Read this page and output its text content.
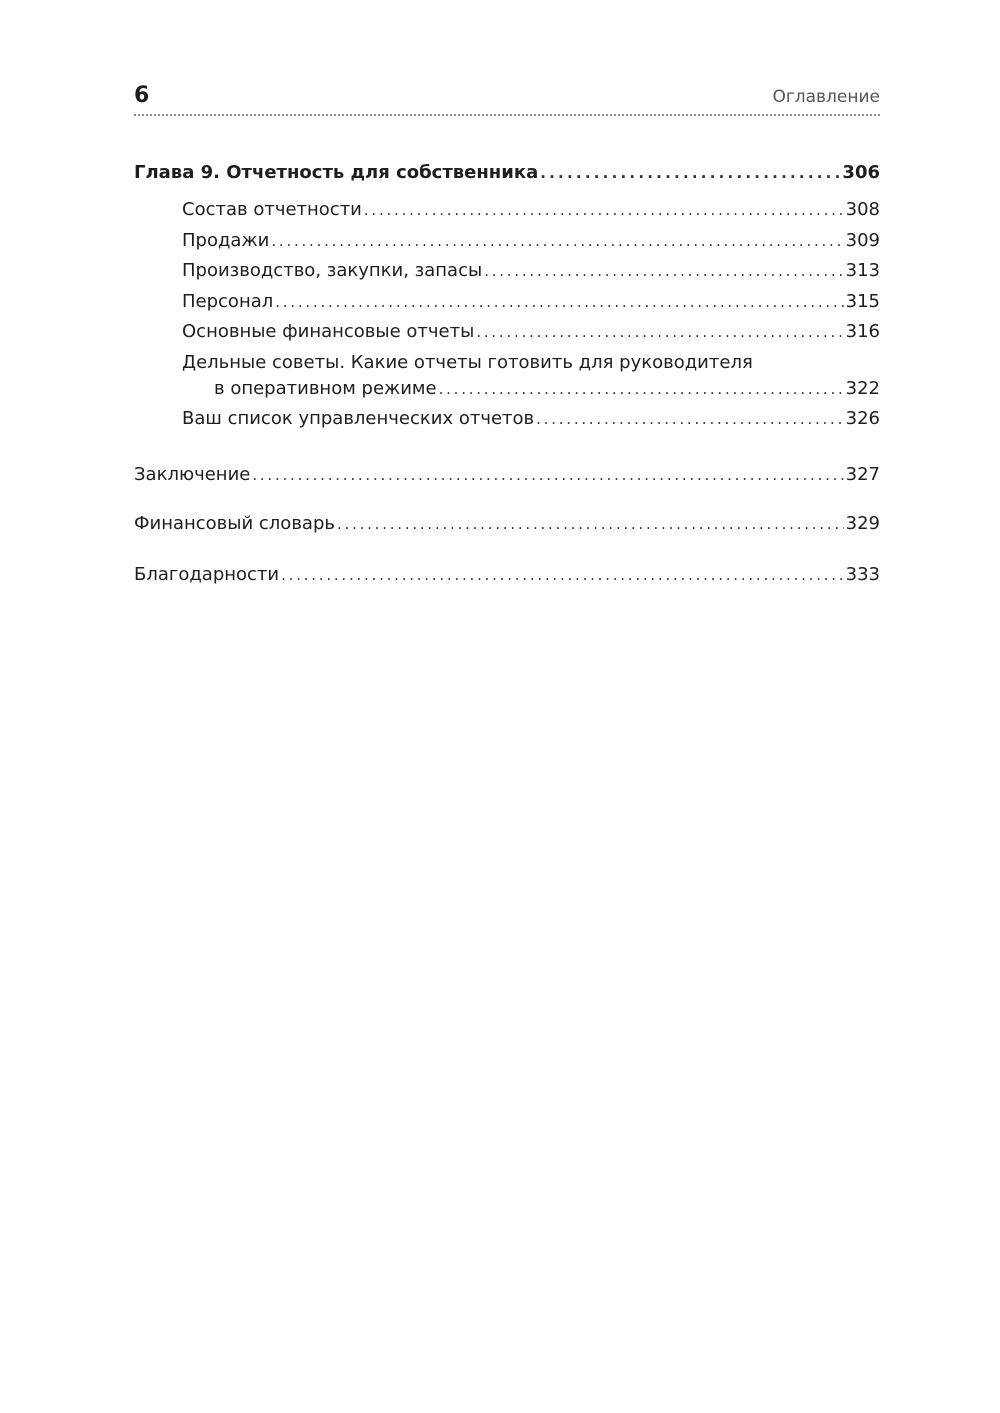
6	Оглавление
Глава 9. Отчетность для собственника . . .	306
Состав отчетности . . .	308
Продажи . . .	309
Производство, закупки, запасы . . .	313
Персонал . . .	315
Основные финансовые отчеты . . .	316
Дельные советы. Какие отчеты готовить для руководителя
в оперативном режиме . . .	322
Ваш список управленческих отчетов . . .	326
Заключение . . .	327
Финансовый словарь . . .	329
Благодарности . . .	333
